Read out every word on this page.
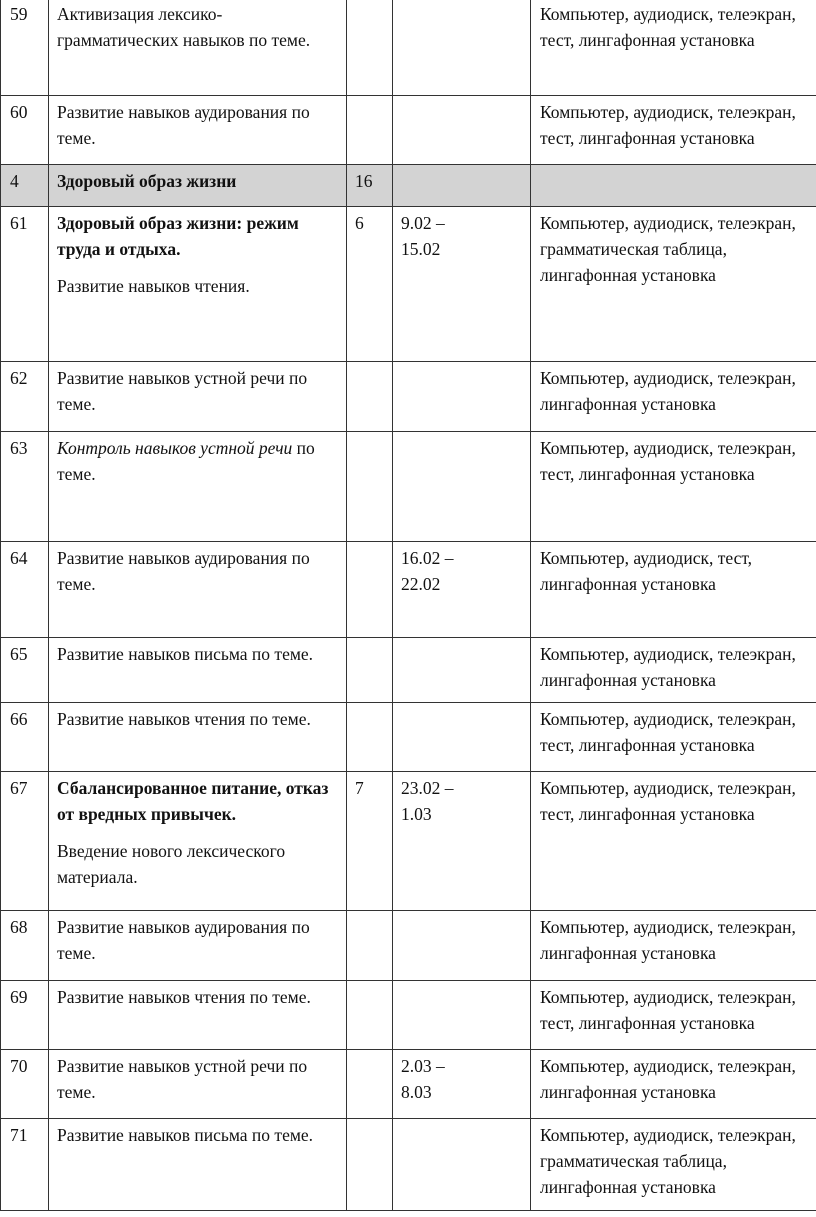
59	Активизация лексико-грамматических навыков по теме.			Компьютер, аудиодиск, телеэкран,
тест, лингафонная установка
60	Развитие навыков аудирования по теме.			Компьютер, аудиодиск, телеэкран,
тест, лингафонная установка
4	Здоровый образ жизни	16		
61	Здоровый образ жизни: режим труда и отдыха.
Развитие навыков чтения.	6	9.02 – 15.02	Компьютер, аудиодиск, телеэкран,
грамматическая таблица,
лингафонная установка
62	Развитие навыков устной речи по теме.			Компьютер, аудиодиск, телеэкран,
лингафонная установка
63	Контроль навыков устной речи по теме.			Компьютер, аудиодиск, телеэкран,
тест, лингафонная установка
64	Развитие навыков аудирования по теме.		16.02 – 22.02	Компьютер, аудиодиск, тест,
лингафонная установка
65	Развитие навыков письма по теме.			Компьютер, аудиодиск, телеэкран,
лингафонная установка
66	Развитие навыков чтения по теме.			Компьютер, аудиодиск, телеэкран,
тест, лингафонная установка
67	Сбалансированное питание, отказ от вредных привычек.
Введение нового лексического материала.	7	23.02 – 1.03	Компьютер, аудиодиск, телеэкран,
тест, лингафонная установка
68	Развитие навыков аудирования по теме.			Компьютер, аудиодиск, телеэкран,
лингафонная установка
69	Развитие навыков чтения по теме.			Компьютер, аудиодиск, телеэкран,
тест, лингафонная установка
70	Развитие навыков устной речи по теме.		2.03 – 8.03	Компьютер, аудиодиск, телеэкран,
лингафонная установка
71	Развитие навыков письма по теме.			Компьютер, аудиодиск, телеэкран,
грамматическая таблица,
лингафонная установка
